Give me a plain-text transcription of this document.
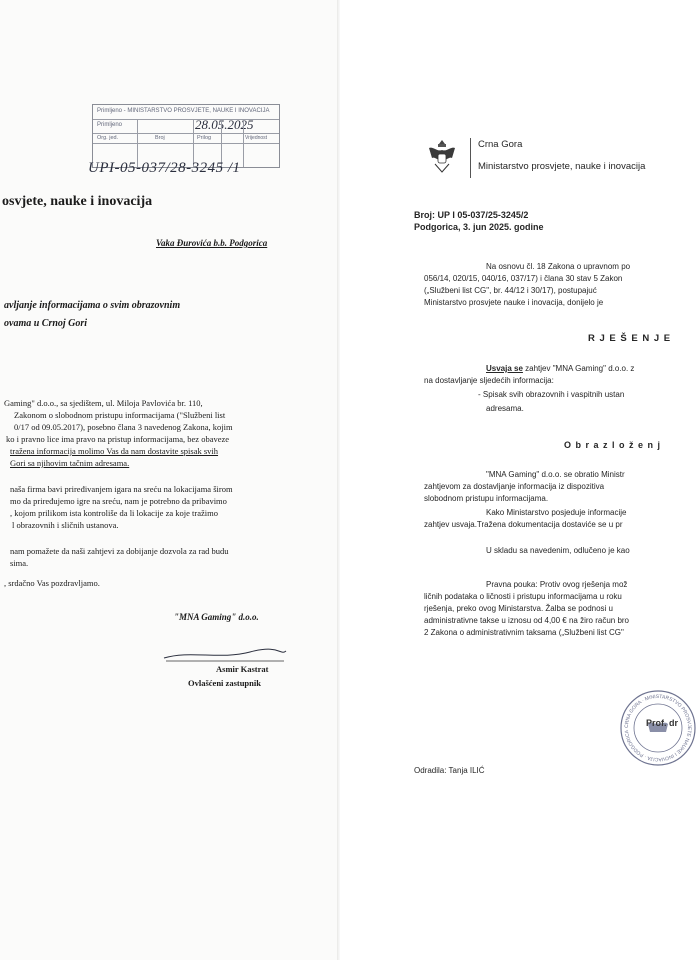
Primljeno - MINISTARSTVO PROSVJETE, NAUKE I INOVACIJA
Primljeno	28.05.2025
Org. jed.	Broj	Prilog	Vrijednost
UPI-05-037/28-3245 /1
osvjete, nauke i inovacija
Vaka Đurovića b.b. Podgorica
avljanje informacijama o svim obrazovnim
ovama u Crnoj Gori
Gaming" d.o.o., sa sjedištem, ul. Miloja Pavlovića br. 110,
Zakonom o slobodnom pristupu informacijama ("Službeni list
0/17 od 09.05.2017), posebno člana 3 navedenog Zakona, kojim
ko i pravno lice ima pravo na pristup informacijama, bez obaveze
tražena informacija molimo Vas da nam dostavite spisak svih
Gori sa njihovim tačnim adresama.
naša firma bavi priređivanjem igara na sreću na lokacijama širom
mo da priređujemo igre na sreću, nam je potrebno da pribavimo
, kojom prilikom ista kontroliše da li lokacije za koje tražimo
l obrazovnih i sličnih ustanova.
nam pomažete da naši zahtjevi za dobijanje dozvola za rad budu
sima.
, srdačno Vas pozdravljamo.
"MNA Gaming" d.o.o.
Asmir Kastrat
Ovlašćeni zastupnik
Crna Gora
Ministarstvo prosvjete, nauke i inovacija
Broj: UP I 05-037/25-3245/2
Podgorica, 3. jun 2025. godine
Na osnovu čl. 18 Zakona o upravnom po
056/14, 020/15, 040/16, 037/17) i člana 30 stav 5 Zakon
(„Službeni list CG", br. 44/12 i 30/17), postupajuć
Ministarstvo prosvjete nauke i inovacija, donijelo je
R J E Š E N J E
Usvaja se zahtjev "MNA Gaming" d.o.o. z
na dostavljanje sljedećih informacija:
- Spisak svih obrazovnih i vaspitnih ustan
adresama.
O b r a z l o ž e n j
"MNA Gaming" d.o.o. se obratio Ministr
zahtjevom za dostavljanje informacija iz dispozitiva
slobodnom pristupu informacijama.
Kako Ministarstvo posjeduje informacije
zahtjev usvaja.Tražena dokumentacija dostaviće se u pr
U skladu sa navedenim, odlučeno je kao
Pravna pouka: Protiv ovog rješenja mož
ličnih podataka o ličnosti i pristupu informacijama u roku
rješenja, preko ovog Ministarstva. Žalba se podnosi u
administrativne takse u iznosu od 4,00 € na žiro račun bro
2 Zakona o administrativnim taksama („Službeni list CG"
CRNA GORA · MINISTARSTVO PROSVJETE NAUKE I INOVACIJA · PODGORICA
Prof. dr
Odradila: Tanja ILIĆ
